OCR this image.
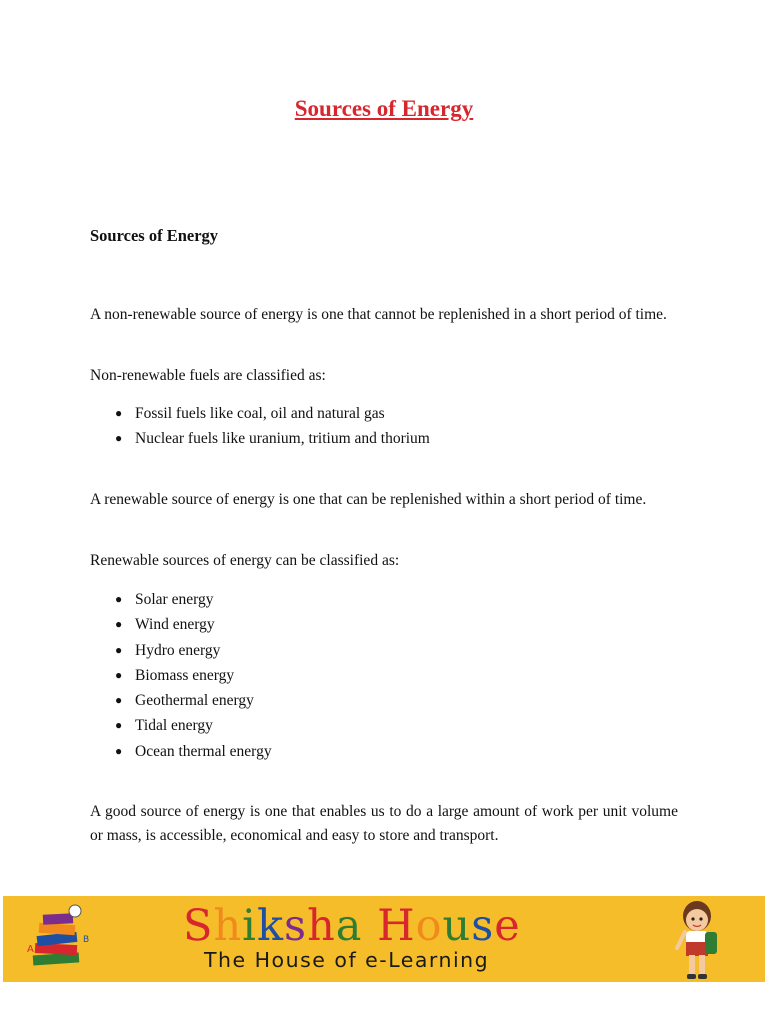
Sources of Energy
Sources of Energy

A non-renewable source of energy is one that cannot be replenished in a short period of time.

Non-renewable fuels are classified as:

● Fossil fuels like coal, oil and natural gas
● Nuclear fuels like uranium, tritium and thorium

A renewable source of energy is one that can be replenished within a short period of time.

Renewable sources of energy can be classified as:

● Solar energy
● Wind energy
● Hydro energy
● Biomass energy
● Geothermal energy
● Tidal energy
● Ocean thermal energy

A good source of energy is one that enables us to do a large amount of work per unit volume or mass, is accessible, economical and easy to store and transport.

A
B Shiksha House
The House of e-Learning
